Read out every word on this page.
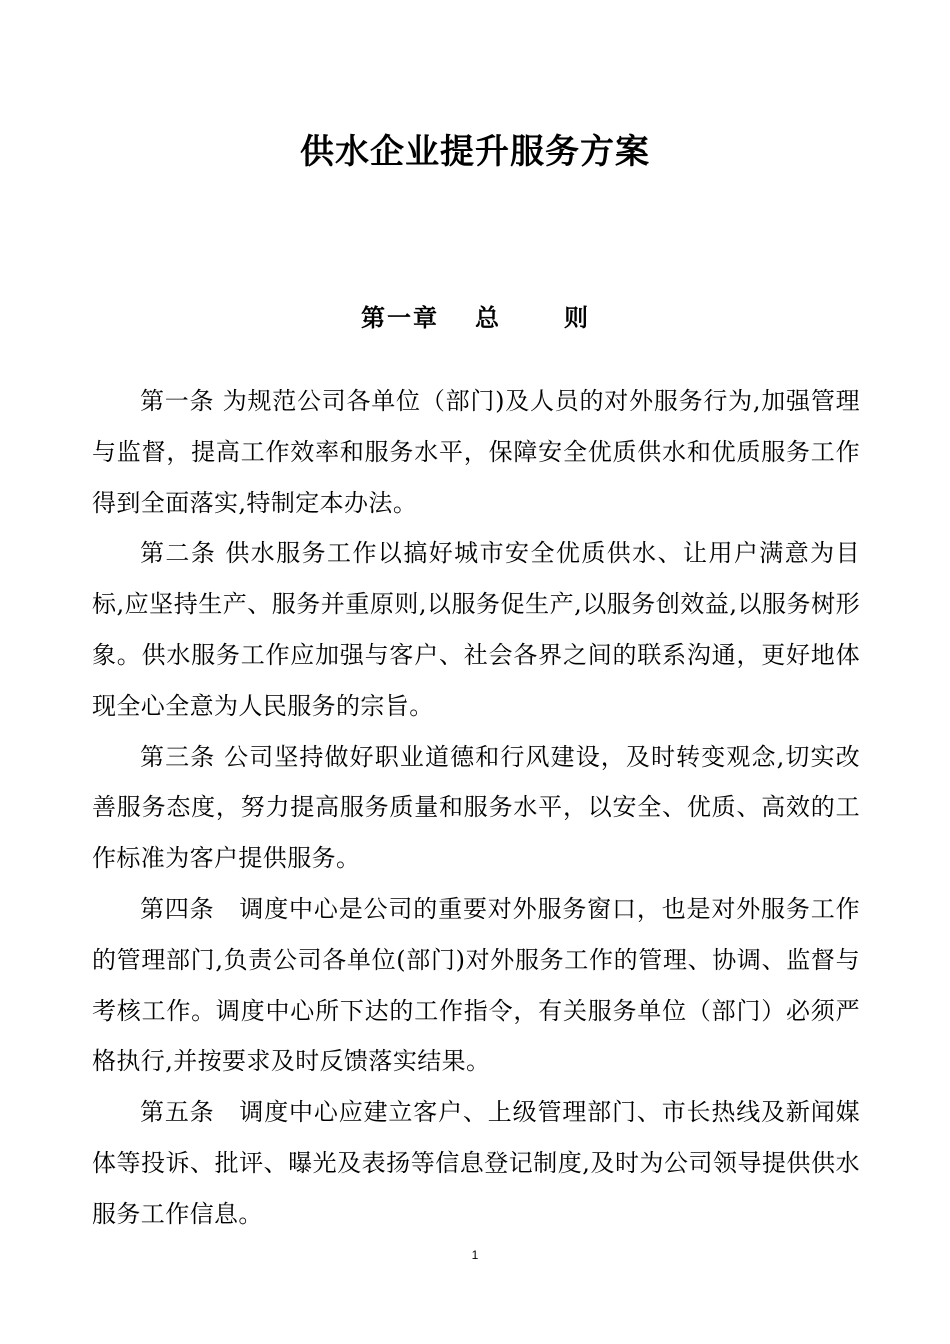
供水企业提升服务方案
第一章 总	则

第一条 为规范公司各单位（部门)及人员的对外服务行为,加强管理与监督，提高工作效率和服务水平，保障安全优质供水和优质服务工作得到全面落实,特制定本办法。

第二条 供水服务工作以搞好城市安全优质供水、让用户满意为目标,应坚持生产、服务并重原则,以服务促生产,以服务创效益,以服务树形象。供水服务工作应加强与客户、社会各界之间的联系沟通，更好地体现全心全意为人民服务的宗旨。

第三条 公司坚持做好职业道德和行风建设，及时转变观念,切实改善服务态度，努力提高服务质量和服务水平，以安全、优质、高效的工作标准为客户提供服务。

第四条　调度中心是公司的重要对外服务窗口，也是对外服务工作的管理部门,负责公司各单位(部门)对外服务工作的管理、协调、监督与考核工作。调度中心所下达的工作指令，有关服务单位（部门）必须严格执行,并按要求及时反馈落实结果。

第五条　调度中心应建立客户、上级管理部门、市长热线及新闻媒体等投诉、批评、曝光及表扬等信息登记制度,及时为公司领导提供供水服务工作信息。

1
